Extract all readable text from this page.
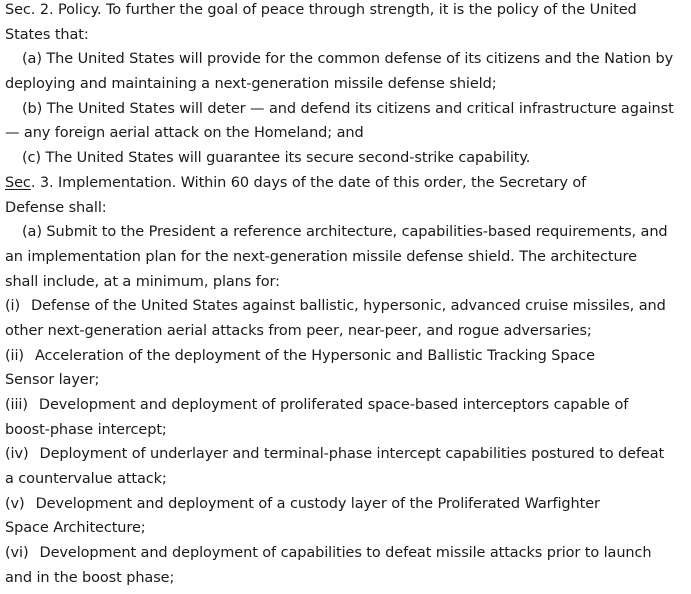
Sec. 2. Policy. To further the goal of peace through strength, it is the policy of the United
States that:
(a) The United States will provide for the common defense of its citizens and the Nation by
deploying and maintaining a next-generation missile defense shield;
(b) The United States will deter — and defend its citizens and critical infrastructure against
— any foreign aerial attack on the Homeland; and
(c) The United States will guarantee its secure second-strike capability.
Sec. 3. Implementation. Within 60 days of the date of this order, the Secretary of
Defense shall:
(a) Submit to the President a reference architecture, capabilities-based requirements, and
an implementation plan for the next-generation missile defense shield. The architecture
shall include, at a minimum, plans for:
(i) Defense of the United States against ballistic, hypersonic, advanced cruise missiles, and
other next-generation aerial attacks from peer, near-peer, and rogue adversaries;
(ii) Acceleration of the deployment of the Hypersonic and Ballistic Tracking Space
Sensor layer;
(iii) Development and deployment of proliferated space-based interceptors capable of
boost-phase intercept;
(iv) Deployment of underlayer and terminal-phase intercept capabilities postured to defeat
a countervalue attack;
(v) Development and deployment of a custody layer of the Proliferated Warfighter
Space Architecture;
(vi) Development and deployment of capabilities to defeat missile attacks prior to launch
and in the boost phase;
